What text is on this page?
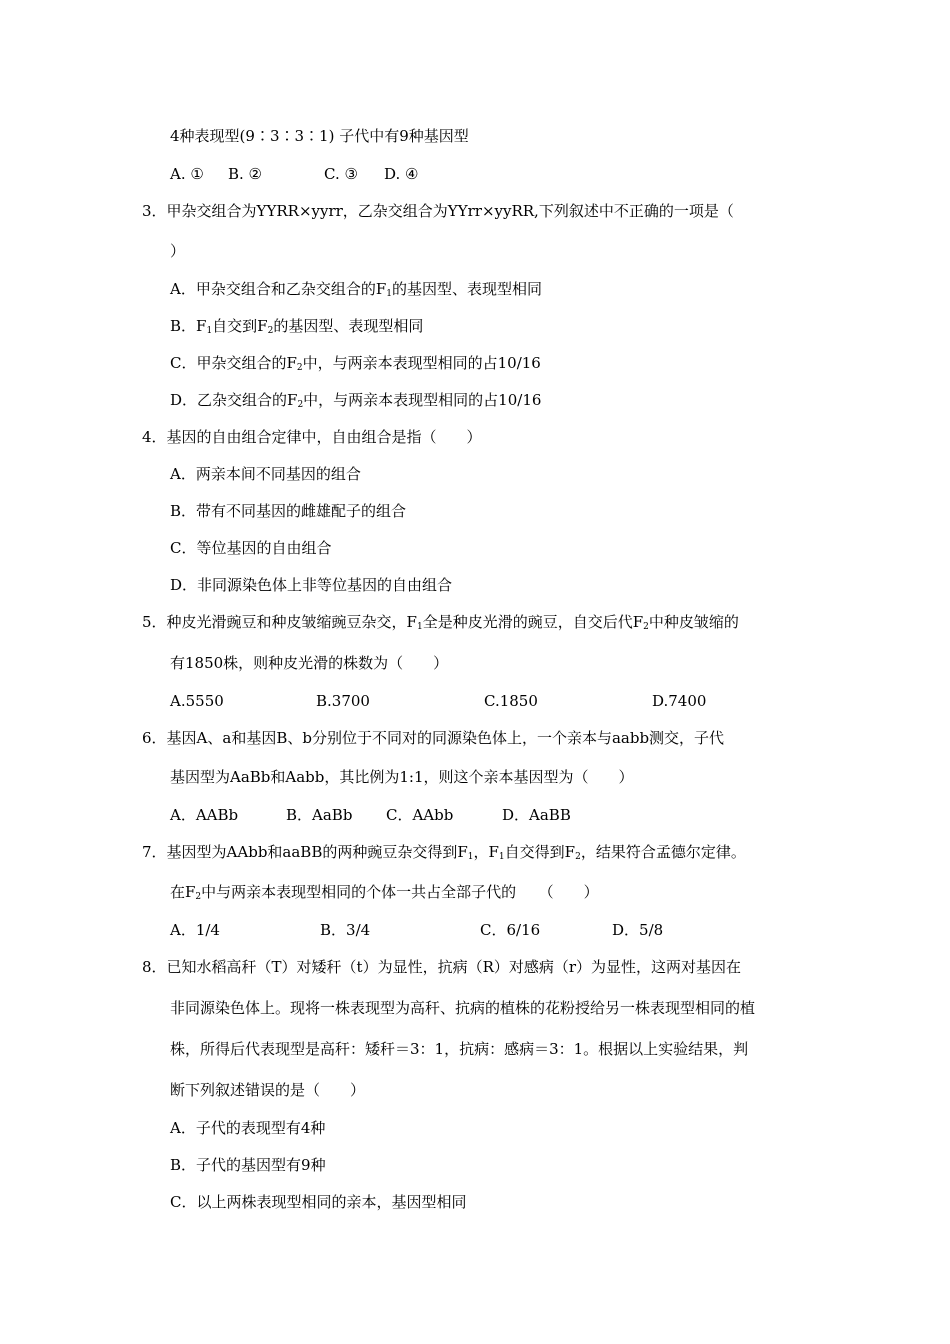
4种表现型(9∶3∶3∶1) 子代中有9种基因型
A. ① B. ②	C. ③ D. ④
3．甲杂交组合为YYRR×yyrr，乙杂交组合为YYrr×yyRR,下列叙述中不正确的一项是（
）
A．甲杂交组合和乙杂交组合的$F_1$的基因型、表现型相同
B．$F_1$自交到$F_2$的基因型、表现型相同
C．甲杂交组合的$F_2$中，与两亲本表现型相同的占10/16
D．乙杂交组合的$F_2$中，与两亲本表现型相同的占10/16
4．基因的自由组合定律中，自由组合是指（　　）
A．两亲本间不同基因的组合
B．带有不同基因的雌雄配子的组合
C．等位基因的自由组合
D．非同源染色体上非等位基因的自由组合
5．种皮光滑豌豆和种皮皱缩豌豆杂交，$F_1$全是种皮光滑的豌豆，自交后代$F_2$中种皮皱缩的
有1850株，则种皮光滑的株数为（　　）
A.5550	B.3700	C.1850	D.7400
6．基因A、a和基因B、b分别位于不同对的同源染色体上，一个亲本与aabb测交，子代
基因型为AaBb和Aabb，其比例为1:1，则这个亲本基因型为（　　）
A．AABb	B．AaBb C．AAbb	D．AaBB
7．基因型为AAbb和aaBB的两种豌豆杂交得到$F_1$，$F_1$自交得到$F_2$，结果符合孟德尔定律。
在$F_2$中与两亲本表现型相同的个体一共占全部子代的　　（　　）
A．1/4	B．3/4	C．6/16	D．5/8
8．已知水稻高秆（T）对矮秆（t）为显性，抗病（R）对感病（r）为显性，这两对基因在
非同源染色体上。现将一株表现型为高秆、抗病的植株的花粉授给另一株表现型相同的植
株，所得后代表现型是高秆：矮秆＝3：1，抗病：感病＝3：1。根据以上实验结果，判
断下列叙述错误的是（　　）
A．子代的表现型有4种
B．子代的基因型有9种
C．以上两株表现型相同的亲本，基因型相同
